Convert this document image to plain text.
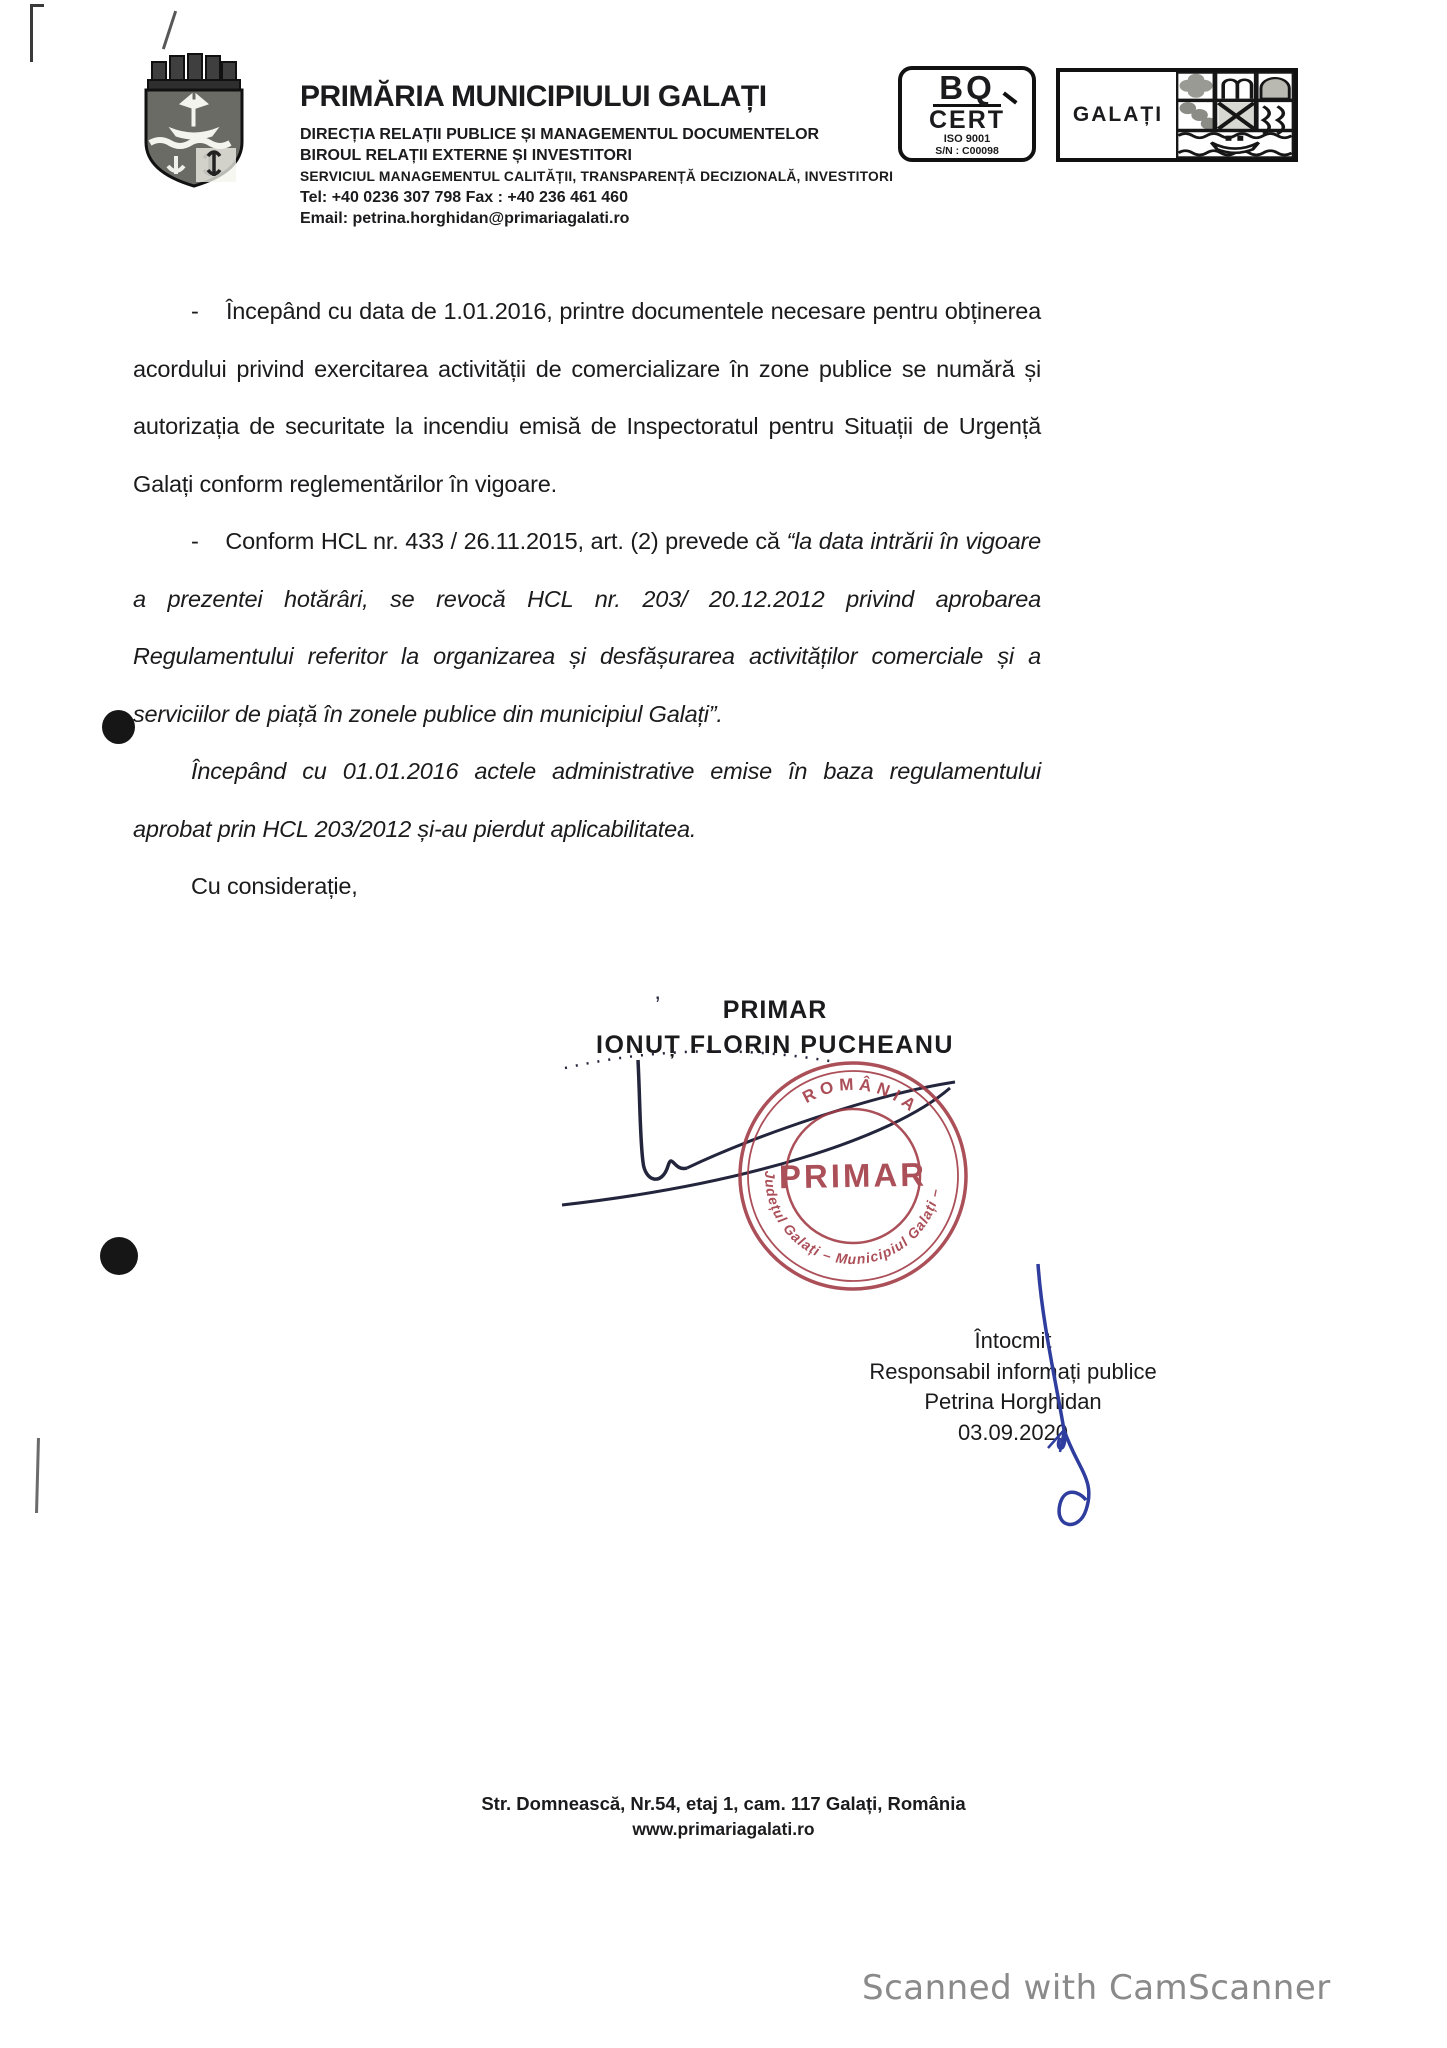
PRIMĂRIA MUNICIPIULUI GALAȚI

DIRECȚIA RELAȚII PUBLICE ȘI MANAGEMENTUL DOCUMENTELOR

BIROUL RELAȚII EXTERNE ȘI INVESTITORI

SERVICIUL MANAGEMENTUL CALITĂȚII, TRANSPARENȚĂ DECIZIONALĂ, INVESTITORI

Tel: +40 0236 307 798 Fax : +40 236 461 460

Email: petrina.horghidan@primariagalati.ro

BQ
CERT
ISO 9001
S/N : C00098
GALAȚI

-    Începând cu data de 1.01.2016, printre documentele necesare pentru obținerea acordului privind exercitarea activității de comercializare în zone publice se numără și autorizația de securitate la incendiu emisă de Inspectoratul pentru Situații de Urgență Galați conform reglementărilor în vigoare.

-    Conform HCL nr. 433 / 26.11.2015, art. (2) prevede că “la data intrării în vigoare a prezentei hotărâri, se revocă HCL nr. 203/ 20.12.2012 privind aprobarea Regulamentului referitor la organizarea și desfășurarea activităților comerciale și a serviciilor de piață în zonele publice din municipiul Galați”.

Începând cu 01.01.2016 actele administrative emise în baza regulamentului aprobat prin HCL 203/2012 și-au pierdut aplicabilitatea.

Cu considerație,

’	PRIMAR

IONUȚ FLORIN PUCHEANU

ROMÂNIA
Județul Galați – Municipiul Galați –
PRIMAR
Întocmit
Responsabil informați publice
Petrina Horghidan
03.09.2020

Str. Domnească, Nr.54, etaj 1, cam. 117 Galați, România

www.primariagalati.ro

Scanned with CamScanner
